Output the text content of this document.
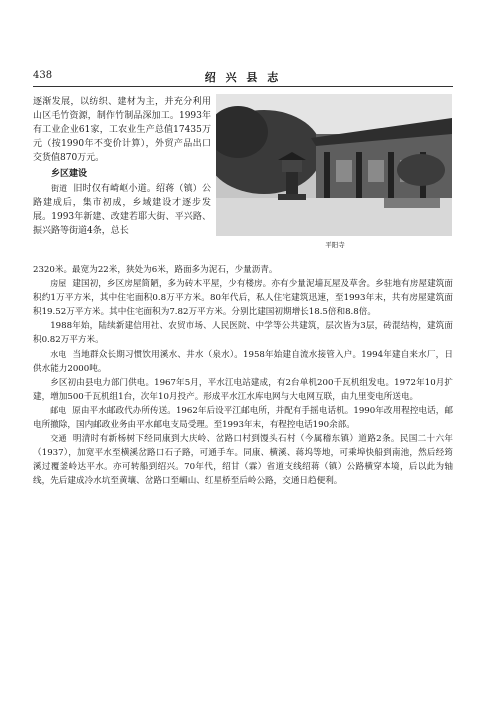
438	绍 兴 县 志
平阳寺

逐渐发展，以纺织、建材为主，并充分利用山区毛竹资源，制作竹制品深加工。1993年有工业企业61家，工农业生产总值17435万元（按1990年不变价计算），外贸产品出口交货值870万元。

乡区建设

街道 旧时仅有崎岖小道。绍蒋（镇）公路建成后，集市初成，乡域建设才逐步发展。1993年新建、改建若耶大街、平兴路、振兴路等街道4条，总长

2320米。最宽为22米，狭处为6米，路面多为泥石，少量沥青。

房屋 建国初，乡区房屋简陋，多为砖木平屋，少有楼房。亦有少量泥墙瓦屋及草舍。乡驻地有房屋建筑面积约1万平方米，其中住宅面积0.8万平方米。80年代后，私人住宅建筑迅速，至1993年末，共有房屋建筑面积19.52万平方米。其中住宅面积为7.82万平方米。分别比建国初期增长18.5倍和8.8倍。

1988年始，陆续新建信用社、农贸市场、人民医院、中学等公共建筑，层次皆为3层，砖混结构，建筑面积0.82万平方米。

水电 当地群众长期习惯饮用溪水、井水（泉水）。1958年始建自流水接管入户。1994年建自来水厂，日供水能力2000吨。

乡区初由县电力部门供电。1967年5月，平水江电站建成，有2台单机200千瓦机组发电。1972年10月扩建，增加500千瓦机组1台，次年10月投产。形成平水江水库电网与大电网互联，由九里变电所送电。

邮电 原由平水邮政代办所传送。1962年后设平江邮电所，并配有手摇电话机。1990年改用程控电话，邮电所撤除，国内邮政业务由平水邮电支局受理。至1993年末，有程控电话190余部。

交通 明清时有新杨树下经同康到大庆岭、岔路口村到馒头石村（今属稽东镇）道路2条。民国二十六年（1937），加宽平水至横溪岔路口石子路，可通手车。同康、横溪、蒋坞等地，可乘埠快船到南池，然后经筠溪过覆釜岭达平水。亦可转船到绍兴。70年代，绍甘（霖）省道支线绍蒋（镇）公路横穿本境，后以此为轴线，先后建成冷水坑至黄壤、岔路口至嵋山、红星桥至后岭公路，交通日趋便利。
